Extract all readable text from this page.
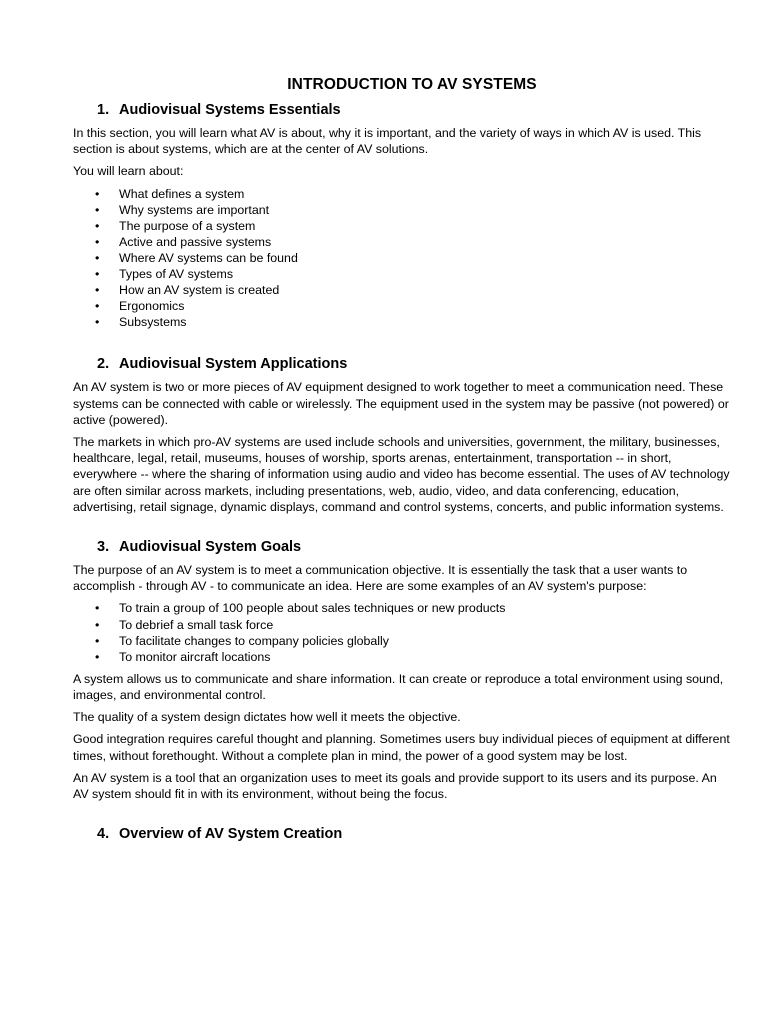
INTRODUCTION TO AV SYSTEMS
1. Audiovisual Systems Essentials

In this section, you will learn what AV is about, why it is important, and the variety of ways in which AV is used. This section is about systems, which are at the center of AV solutions.

You will learn about:

• What defines a system
• Why systems are important
• The purpose of a system
• Active and passive systems
• Where AV systems can be found
• Types of AV systems
• How an AV system is created
• Ergonomics
• Subsystems
2. Audiovisual System Applications

An AV system is two or more pieces of AV equipment designed to work together to meet a communication need. These systems can be connected with cable or wirelessly. The equipment used in the system may be passive (not powered) or active (powered).

The markets in which pro-AV systems are used include schools and universities, government, the military, businesses, healthcare, legal, retail, museums, houses of worship, sports arenas, entertainment, transportation -- in short, everywhere -- where the sharing of information using audio and video has become essential. The uses of AV technology are often similar across markets, including presentations, web, audio, video, and data conferencing, education, advertising, retail signage, dynamic displays, command and control systems, concerts, and public information systems.

3. Audiovisual System Goals

The purpose of an AV system is to meet a communication objective. It is essentially the task that a user wants to accomplish - through AV - to communicate an idea. Here are some examples of an AV system's purpose:

• To train a group of 100 people about sales techniques or new products
• To debrief a small task force
• To facilitate changes to company policies globally
• To monitor aircraft locations

A system allows us to communicate and share information. It can create or reproduce a total environment using sound, images, and environmental control.

The quality of a system design dictates how well it meets the objective.

Good integration requires careful thought and planning. Sometimes users buy individual pieces of equipment at different times, without forethought. Without a complete plan in mind, the power of a good system may be lost.

An AV system is a tool that an organization uses to meet its goals and provide support to its users and its purpose. An AV system should fit in with its environment, without being the focus.

4. Overview of AV System Creation
